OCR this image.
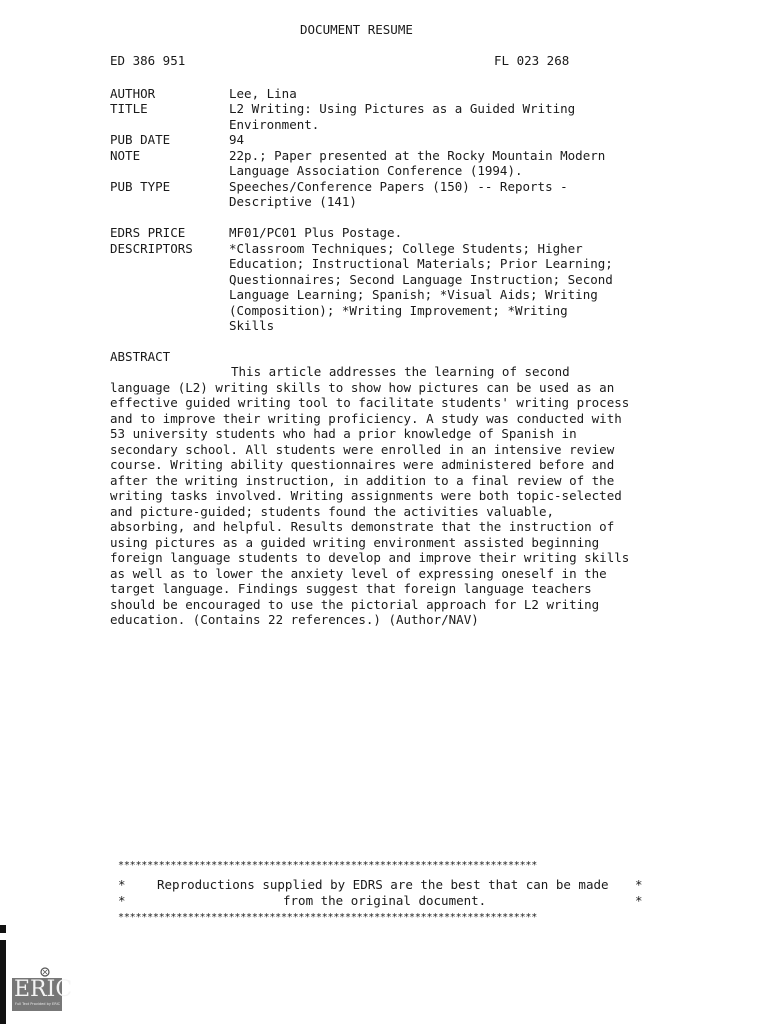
DOCUMENT RESUME
ED 386 951	FL 023 268
AUTHOR	Lee, Lina
TITLE	L2 Writing: Using Pictures as a Guided Writing
Environment.
PUB DATE	94
NOTE	22p.; Paper presented at the Rocky Mountain Modern
Language Association Conference (1994).
PUB TYPE	Speeches/Conference Papers (150) -- Reports -
Descriptive (141)
EDRS PRICE	MF01/PC01 Plus Postage.
DESCRIPTORS	*Classroom Techniques; College Students; Higher
Education; Instructional Materials; Prior Learning;
Questionnaires; Second Language Instruction; Second
Language Learning; Spanish; *Visual Aids; Writing
(Composition); *Writing Improvement; *Writing
Skills
ABSTRACT
This article addresses the learning of second
language (L2) writing skills to show how pictures can be used as an
effective guided writing tool to facilitate students' writing process
and to improve their writing proficiency. A study was conducted with
53 university students who had a prior knowledge of Spanish in
secondary school. All students were enrolled in an intensive review
course. Writing ability questionnaires were administered before and
after the writing instruction, in addition to a final review of the
writing tasks involved. Writing assignments were both topic-selected
and picture-guided; students found the activities valuable,
absorbing, and helpful. Results demonstrate that the instruction of
using pictures as a guided writing environment assisted beginning
foreign language students to develop and improve their writing skills
as well as to lower the anxiety level of expressing oneself in the
target language. Findings suggest that foreign language teachers
should be encouraged to use the pictorial approach for L2 writing
education. (Contains 22 references.) (Author/NAV)
************************************************************************
*	Reproductions supplied by EDRS are the best that can be made *
*	from the original document.	*
************************************************************************
ERIC
Full Text Provided by ERIC
